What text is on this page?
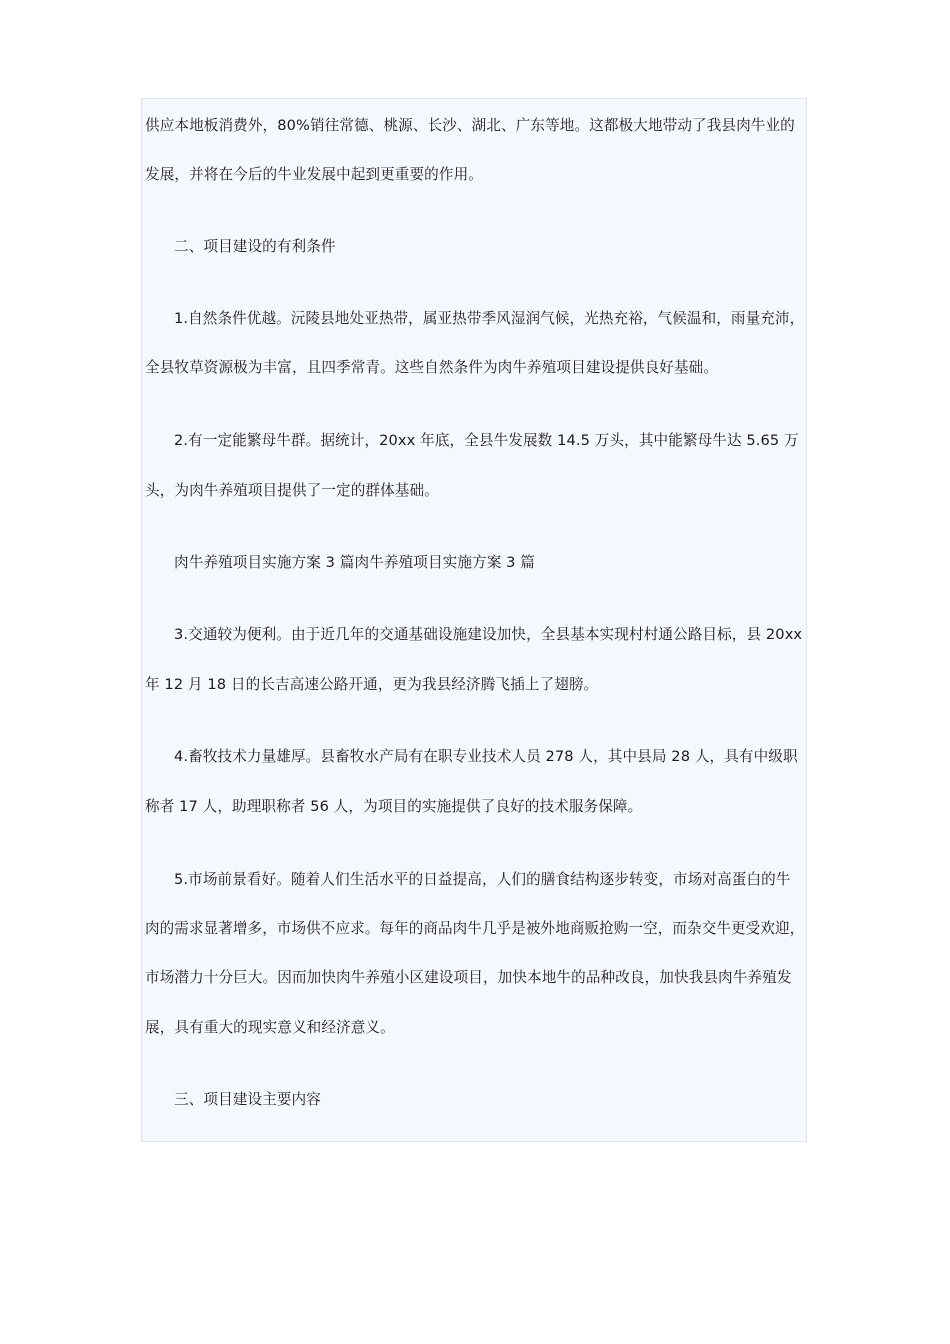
供应本地板消费外，80%销往常德、桃源、长沙、湖北、广东等地。这都极大地带动了我县肉牛业的
发展，并将在今后的牛业发展中起到更重要的作用。
二、项目建设的有利条件
1.自然条件优越。沅陵县地处亚热带，属亚热带季风湿润气候，光热充裕，气候温和，雨量充沛，
全县牧草资源极为丰富，且四季常青。这些自然条件为肉牛养殖项目建设提供良好基础。
2.有一定能繁母牛群。据统计，20xx 年底，全县牛发展数 14.5 万头，其中能繁母牛达 5.65 万
头，为肉牛养殖项目提供了一定的群体基础。
肉牛养殖项目实施方案 3 篇肉牛养殖项目实施方案 3 篇
3.交通较为便利。由于近几年的交通基础设施建设加快，全县基本实现村村通公路目标，县 20xx
年 12 月 18 日的长吉高速公路开通，更为我县经济腾飞插上了翅膀。
4.畜牧技术力量雄厚。县畜牧水产局有在职专业技术人员 278 人，其中县局 28 人，具有中级职
称者 17 人，助理职称者 56 人，为项目的实施提供了良好的技术服务保障。
5.市场前景看好。随着人们生活水平的日益提高，人们的膳食结构逐步转变，市场对高蛋白的牛
肉的需求显著增多，市场供不应求。每年的商品肉牛几乎是被外地商贩抢购一空，而杂交牛更受欢迎，
市场潜力十分巨大。因而加快肉牛养殖小区建设项目，加快本地牛的品种改良，加快我县肉牛养殖发
展，具有重大的现实意义和经济意义。
三、项目建设主要内容
